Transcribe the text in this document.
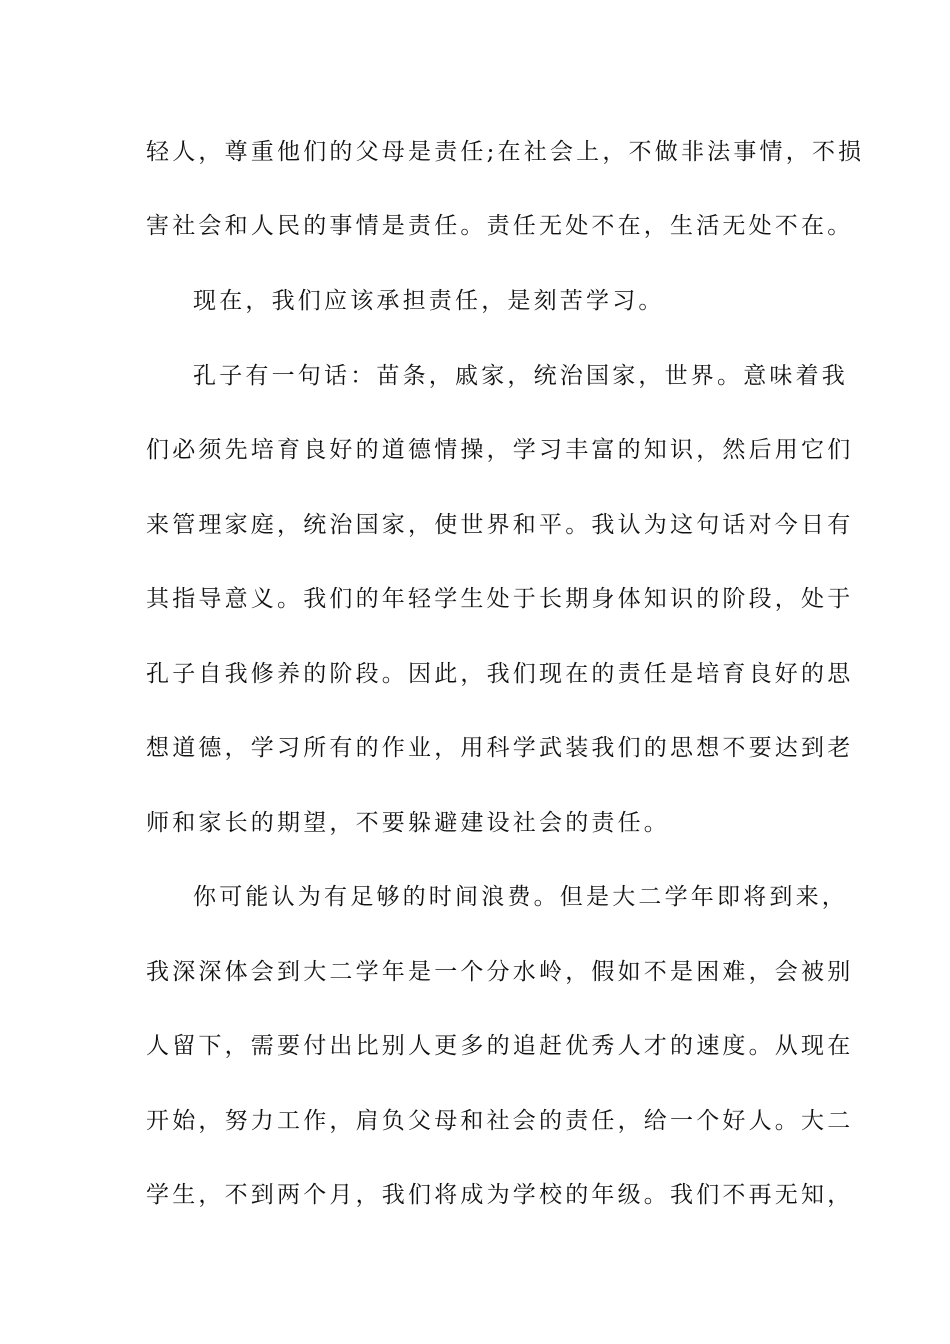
轻人，尊重他们的父母是责任;在社会上，不做非法事情，不损
害社会和人民的事情是责任。责任无处不在，生活无处不在。
现在，我们应该承担责任，是刻苦学习。
孔子有一句话：苗条，戚家，统治国家，世界。意味着我
们必须先培育良好的道德情操，学习丰富的知识，然后用它们
来管理家庭，统治国家，使世界和平。我认为这句话对今日有
其指导意义。我们的年轻学生处于长期身体知识的阶段，处于
孔子自我修养的阶段。因此，我们现在的责任是培育良好的思
想道德，学习所有的作业，用科学武装我们的思想不要达到老
师和家长的期望，不要躲避建设社会的责任。
你可能认为有足够的时间浪费。但是大二学年即将到来，
我深深体会到大二学年是一个分水岭，假如不是困难，会被别
人留下，需要付出比别人更多的追赶优秀人才的速度。从现在
开始，努力工作，肩负父母和社会的责任，给一个好人。大二
学生，不到两个月，我们将成为学校的年级。我们不再无知，
